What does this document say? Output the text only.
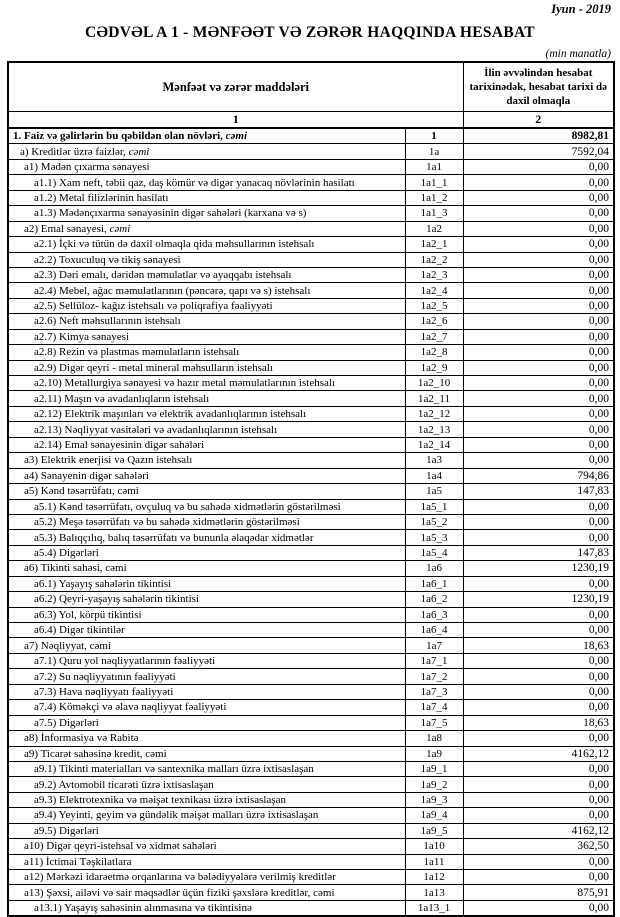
Iyun - 2019
CƏDVƏL A 1 - MƏNFƏƏT VƏ ZƏRƏR HAQQINDA HESABAT
(min manatla)
Mənfəət və zərər maddələri		İlin əvvəlindən hesabat tarixinədək, hesabat tarixi də daxil olmaqla
1		2
1. Faiz və gəlirlərin bu qəbildən olan növləri, cəmi	1	8982,81
a) Kreditlər üzrə faizlər, cəmi	1a	7592,04
a1) Mədən çıxarma sənayesi	1a1	0,00
a1.1) Xam neft, təbii qaz, daş kömür və digər yanacaq növlərinin hasilatı	1a1_1	0,00
a1.2) Metal filizlərinin hasilatı	1a1_2	0,00
a1.3) Mədənçıxarma sənayəsinin digər sahələri (karxana və s)	1a1_3	0,00
a2) Emal sənayesi, cəmi	1a2	0,00
a2.1) İçki və tütün də daxil olmaqla qida məhsullarının istehsalı	1a2_1	0,00
a2.2) Toxuculuq və tikiş sənayesi	1a2_2	0,00
a2.3) Dəri emalı, dəridən məmulatlar və ayaqqabı istehsalı	1a2_3	0,00
a2.4) Mebel, ağac məmulatlarının (pəncərə, qapı və s) istehsalı	1a2_4	0,00
a2.5) Sellüloz- kağız istehsalı və poliqrafiya fəaliyyəti	1a2_5	0,00
a2.6) Neft məhsullarının istehsalı	1a2_6	0,00
a2.7) Kimya sənayesi	1a2_7	0,00
a2.8) Rezin və plastmas məmulatların istehsalı	1a2_8	0,00
a2.9) Digər qeyri - metal mineral məhsulların istehsalı	1a2_9	0,00
a2.10) Metallurgiya sənayesi və hazır metal məmulatlarının istehsalı	1a2_10	0,00
a2.11) Maşın və avadanlıqların istehsalı	1a2_11	0,00
a2.12) Elektrik maşınları və elektrik avadanlıqlarının istehsalı	1a2_12	0,00
a2.13) Nəqliyyat vasitələri və avadanlıqlarının istehsalı	1a2_13	0,00
a2.14) Emal sənayesinin digər sahələri	1a2_14	0,00
a3) Elektrik enerjisi və Qazın istehsalı	1a3	0,00
a4) Sənayenin digər sahələri	1a4	794,86
a5) Kənd təsərrüfatı, cəmi	1a5	147,83
a5.1) Kənd təsərrüfatı, ovçuluq və bu sahədə xidmətlərin göstərilməsi	1a5_1	0,00
a5.2) Meşə təsərrüfatı və bu sahədə xidmətlərin göstərilməsi	1a5_2	0,00
a5.3) Balıqçılıq, balıq təsərrüfatı və bununla əlaqədar xidmətlər	1a5_3	0,00
a5.4) Digərləri	1a5_4	147,83
a6) Tikinti sahəsi, cəmi	1a6	1230,19
a6.1) Yaşayış sahələrin tikintisi	1a6_1	0,00
a6.2) Qeyri-yaşayış sahələrin tikintisi	1a6_2	1230,19
a6.3) Yol, körpü tikintisi	1a6_3	0,00
a6.4) Digər tikintilər	1a6_4	0,00
a7) Nəqliyyat, cəmi	1a7	18,63
a7.1) Quru yol nəqliyyatlarının fəaliyyəti	1a7_1	0,00
a7.2) Su nəqliyyatının fəaliyyəti	1a7_2	0,00
a7.3) Hava nəqliyyatı fəaliyyəti	1a7_3	0,00
a7.4) Köməkçi və əlavə nəqliyyat fəaliyyəti	1a7_4	0,00
a7.5) Digərləri	1a7_5	18,63
a8) İnformasiya və Rabitə	1a8	0,00
a9) Ticarət sahəsinə kredit, cəmi	1a9	4162,12
a9.1) Tikinti materialları və santexnika malları üzrə ixtisaslaşan	1a9_1	0,00
a9.2) Avtomobil ticarəti üzrə ixtisaslaşan	1a9_2	0,00
a9.3) Elektrotexnika və məişət texnikası üzrə ixtisaslaşan	1a9_3	0,00
a9.4) Yeyinti, geyim və gündəlik məişət malları üzrə ixtisaslaşan	1a9_4	0,00
a9.5) Digərləri	1a9_5	4162,12
a10) Digər qeyri-istehsal və xidmət sahələri	1a10	362,50
a11) İctimai Təşkilatlara	1a11	0,00
a12) Mərkəzi idarəetmə orqanlarına və bələdiyyələrə verilmiş kreditlər	1a12	0,00
a13) Şəxsi, ailəvi və sair məqsədlər üçün fiziki şəxslərə kreditlər, cəmi	1a13	875,91
a13.1) Yaşayış sahəsinin alınmasına və tikintisinə	1a13_1	0,00
